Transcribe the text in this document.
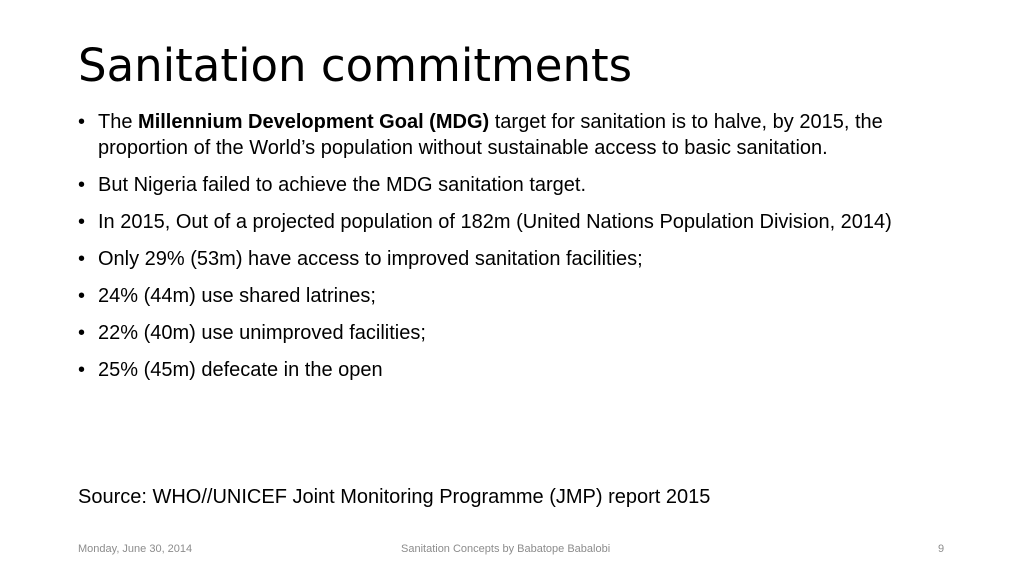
Sanitation commitments
• The Millennium Development Goal (MDG) target for sanitation is to halve, by 2015, the proportion of the World’s population without sustainable access to basic sanitation.
• But Nigeria failed to achieve the MDG sanitation target.
• In 2015, Out of a projected population of 182m (United Nations Population Division, 2014)
• Only 29% (53m) have access to improved sanitation facilities;
• 24% (44m) use shared latrines;
• 22% (40m) use unimproved facilities;
• 25% (45m) defecate in the open
Source: WHO//UNICEF Joint Monitoring Programme (JMP) report 2015
Monday, June 30, 2014	Sanitation Concepts by Babatope Babalobi	9
